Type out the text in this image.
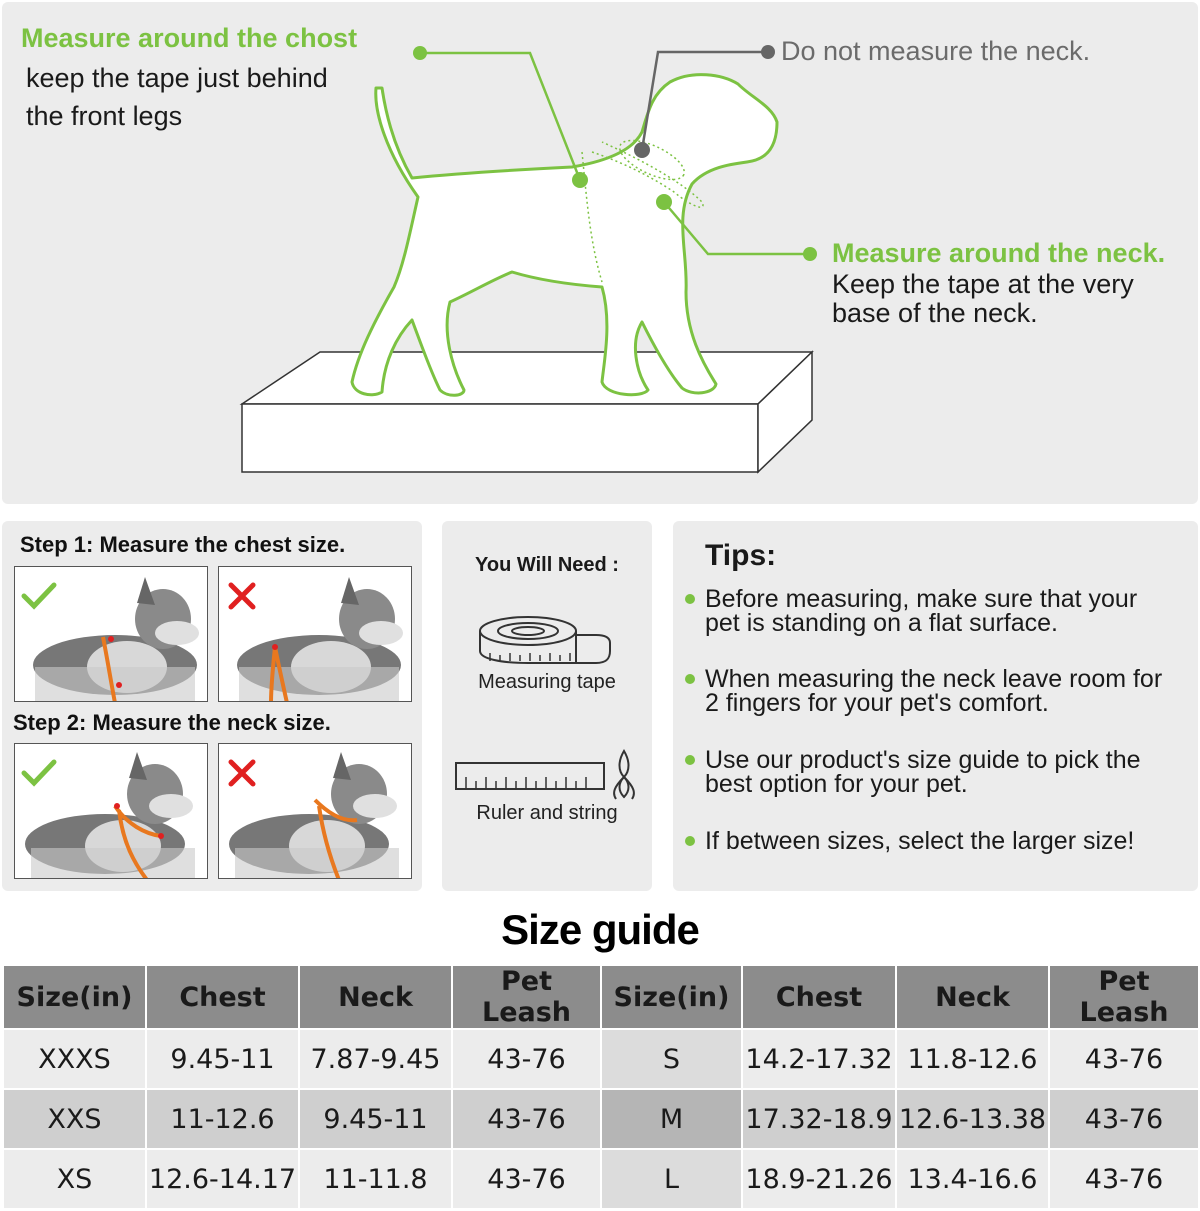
Measure around the chost
keep the tape just behind
the front legs
Do not measure the neck.
Measure around the neck.
Keep the tape at the very
base of the neck.
Step 1: Measure the chest size.
Step 2: Measure the neck size.
You Will Need :
Measuring tape
Ruler and string
Tips:
Before measuring, make sure that your
pet is standing on a flat surface.
When measuring the neck leave room for
2 fingers for your pet's comfort.
Use our product's size guide to pick the
best option for your pet.
If between sizes, select the larger size!
Size guide
Size(in)	Chest	Neck	Pet Leash	Size(in)	Chest	Neck	Pet Leash
XXXS	9.45-11	7.87-9.45	43-76	S	14.2-17.32	11.8-12.6	43-76
XXS	11-12.6	9.45-11	43-76	M	17.32-18.9	12.6-13.38	43-76
XS	12.6-14.17	11-11.8	43-76	L	18.9-21.26	13.4-16.6	43-76
